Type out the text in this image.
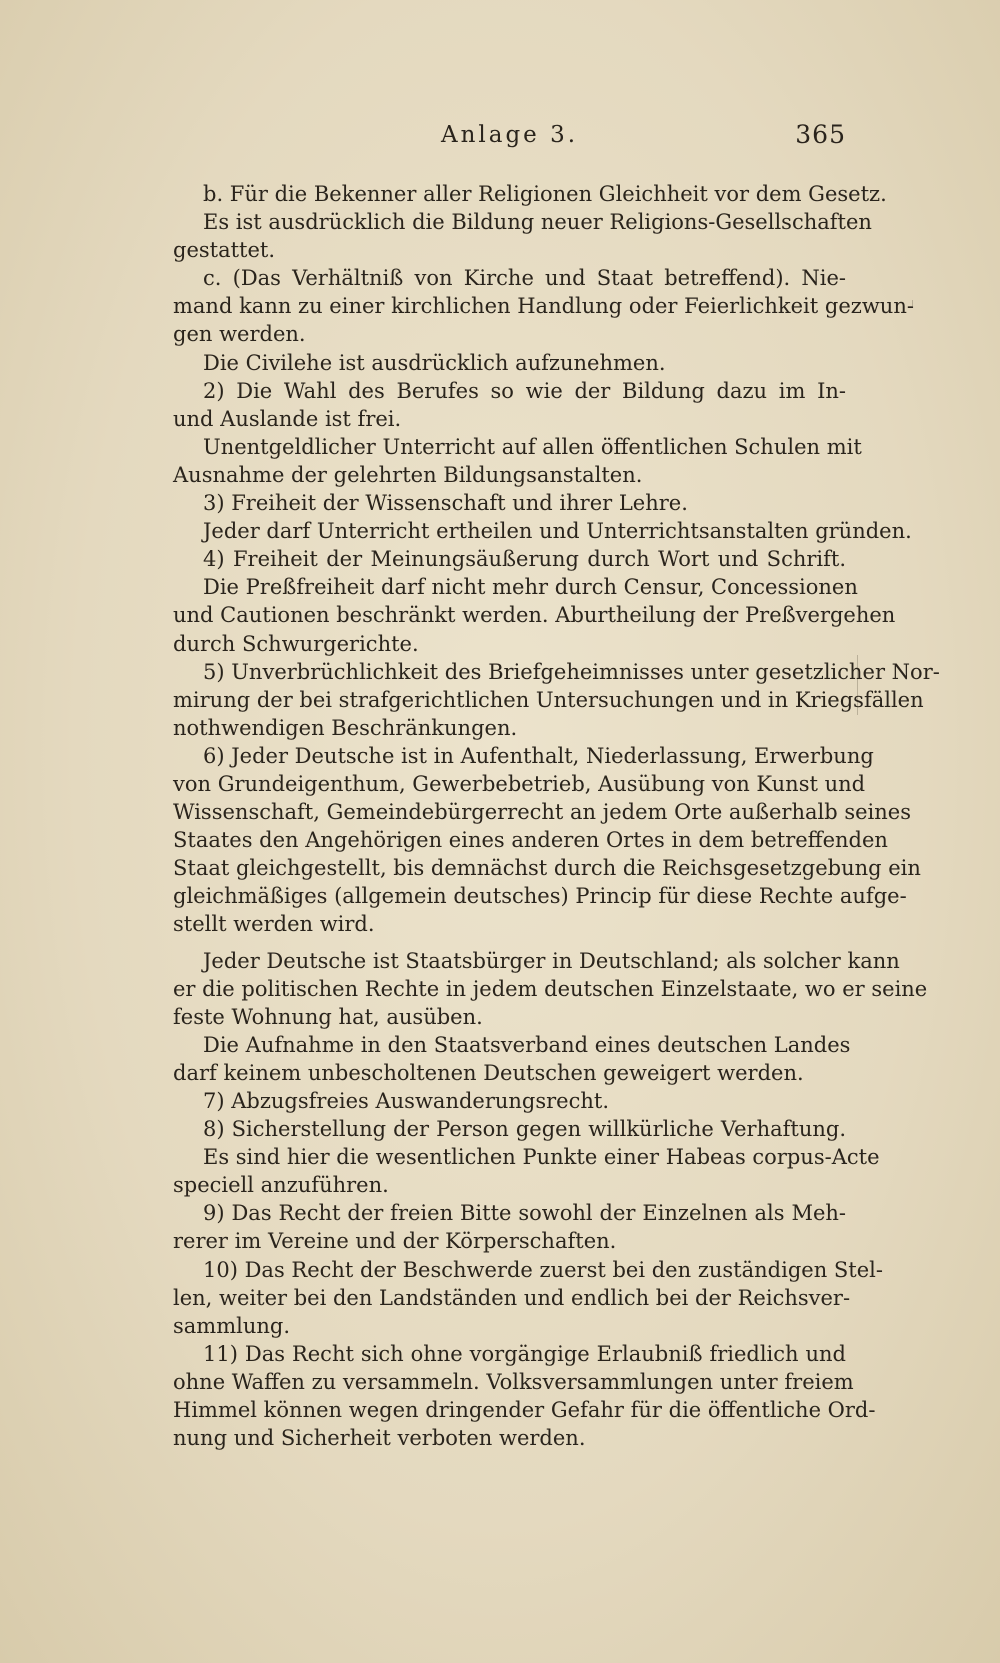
Anlage 3.	365
b. Für die Bekenner aller Religionen Gleichheit vor dem Gesetz.
Es ist ausdrücklich die Bildung neuer Religions-Gesellschaften
gestattet.
c. (Das Verhältniß von Kirche und Staat betreffend). Nie-
mand kann zu einer kirchlichen Handlung oder Feierlichkeit gezwun-
gen werden.
Die Civilehe ist ausdrücklich aufzunehmen.
2) Die Wahl des Berufes so wie der Bildung dazu im In-
und Auslande ist frei.
Unentgeldlicher Unterricht auf allen öffentlichen Schulen mit
Ausnahme der gelehrten Bildungsanstalten.
3) Freiheit der Wissenschaft und ihrer Lehre.
Jeder darf Unterricht ertheilen und Unterrichtsanstalten gründen.
4) Freiheit der Meinungsäußerung durch Wort und Schrift.
Die Preßfreiheit darf nicht mehr durch Censur, Concessionen
und Cautionen beschränkt werden. Aburtheilung der Preßvergehen
durch Schwurgerichte.
5) Unverbrüchlichkeit des Briefgeheimnisses unter gesetzlicher Nor-
mirung der bei strafgerichtlichen Untersuchungen und in Kriegsfällen
nothwendigen Beschränkungen.
6) Jeder Deutsche ist in Aufenthalt, Niederlassung, Erwerbung
von Grundeigenthum, Gewerbebetrieb, Ausübung von Kunst und
Wissenschaft, Gemeindebürgerrecht an jedem Orte außerhalb seines
Staates den Angehörigen eines anderen Ortes in dem betreffenden
Staat gleichgestellt, bis demnächst durch die Reichsgesetzgebung ein
gleichmäßiges (allgemein deutsches) Princip für diese Rechte aufge-
stellt werden wird.
Jeder Deutsche ist Staatsbürger in Deutschland; als solcher kann
er die politischen Rechte in jedem deutschen Einzelstaate, wo er seine
feste Wohnung hat, ausüben.
Die Aufnahme in den Staatsverband eines deutschen Landes
darf keinem unbescholtenen Deutschen geweigert werden.
7) Abzugsfreies Auswanderungsrecht.
8) Sicherstellung der Person gegen willkürliche Verhaftung.
Es sind hier die wesentlichen Punkte einer Habeas corpus-Acte
speciell anzuführen.
9) Das Recht der freien Bitte sowohl der Einzelnen als Meh-
rerer im Vereine und der Körperschaften.
10) Das Recht der Beschwerde zuerst bei den zuständigen Stel-
len, weiter bei den Landständen und endlich bei der Reichsver-
sammlung.
11) Das Recht sich ohne vorgängige Erlaubniß friedlich und
ohne Waffen zu versammeln. Volksversammlungen unter freiem
Himmel können wegen dringender Gefahr für die öffentliche Ord-
nung und Sicherheit verboten werden.
